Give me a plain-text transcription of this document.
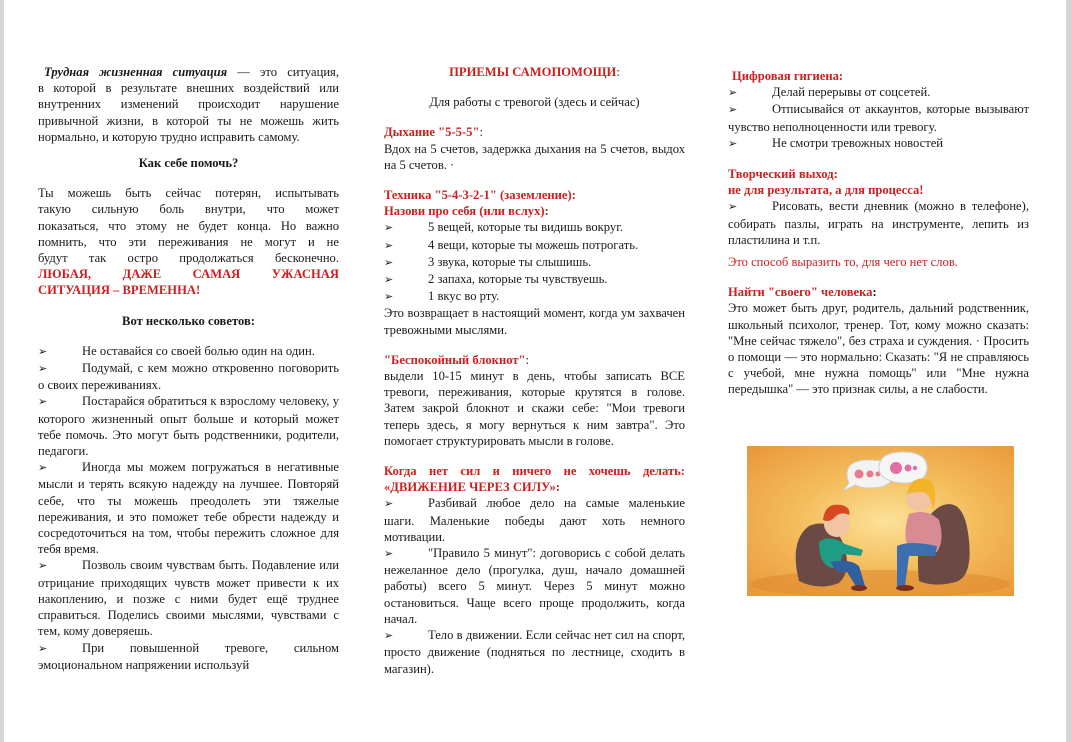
Трудная жизненная ситуация — это ситуация,

в которой в результате внешних воздействий или

внутренних изменений происходит нарушение

привычной жизни, в которой ты не можешь жить

нормально, и которую трудно исправить самому.

Как себе помочь?

Ты можешь быть сейчас потерян, испытывать

такую сильную боль внутри, что может

показаться, что этому не будет конца. Но важно

помнить, что эти переживания не могут и не

будут так остро продолжаться бесконечно.

ЛЮБАЯ, ДАЖЕ САМАЯ УЖАСНАЯ

СИТУАЦИЯ – ВРЕМЕННА!

Вот несколько советов:

➢	Не оставайся со своей болью один на один.

➢	Подумай, с кем можно откровенно поговорить о своих переживаниях.

➢	Постарайся обратиться к взрослому человеку, у которого жизненный опыт больше и который может тебе помочь. Это могут быть родственники, родители, педагоги.

➢	Иногда мы можем погружаться в негативные мысли и терять всякую надежду на лучшее. Повторяй себе, что ты можешь преодолеть эти тяжелые переживания, и это поможет тебе обрести надежду и сосредоточиться на том, чтобы пережить сложное для тебя время.

➢	Позволь своим чувствам быть. Подавление или отрицание приходящих чувств может привести к их накоплению, и позже с ними будет ещё труднее справиться. Поделись своими мыслями, чувствами с тем, кому доверяешь.

➢	При повышенной тревоге, сильном эмоциональном напряжении используй

ПРИЕМЫ САМОПОМОЩИ:

Для работы с тревогой (здесь и сейчас)

Дыхание "5-5-5":

Вдох на 5 счетов, задержка дыхания на 5 счетов, выдох на 5 счетов. ·

Техника "5-4-3-2-1" (заземление):

Назови про себя (или вслух):

➢	5 вещей, которые ты видишь вокруг.

➢	4 вещи, которые ты можешь потрогать.

➢	3 звука, которые ты слышишь.

➢	2 запаха, которые ты чувствуешь.

➢	1 вкус во рту.

Это возвращает в настоящий момент, когда ум захвачен тревожными мыслями.

"Беспокойный блокнот":

выдели 10-15 минут в день, чтобы записать ВСЕ тревоги, переживания, которые крутятся в голове. Затем закрой блокнот и скажи себе: "Мои тревоги теперь здесь, я могу вернуться к ним завтра". Это помогает структурировать мысли в голове.

Когда нет сил и ничего не хочешь делать:

«ДВИЖЕНИЕ ЧЕРЕЗ СИЛУ»:

➢	Разбивай любое дело на самые маленькие шаги. Маленькие победы дают хоть немного мотивации.

➢	"Правило 5 минут": договорись с собой делать нежеланное дело (прогулка, душ, начало домашней работы) всего 5 минут. Через 5 минут можно остановиться. Чаще всего проще продолжить, когда начал.

➢	Тело в движении. Если сейчас нет сил на спорт, просто движение (подняться по лестнице, сходить в магазин).

Цифровая гигиена:

➢	Делай перерывы от соцсетей.

➢	Отписывайся от аккаунтов, которые вызывают чувство неполноценности или тревогу.

➢	Не смотри тревожных новостей

Творческий выход:

не для результата, а для процесса!

➢	Рисовать, вести дневник (можно в телефоне), собирать пазлы, играть на инструменте, лепить из пластилина и т.п.

Это способ выразить то, для чего нет слов.

Найти "своего" человека:

Это может быть друг, родитель, дальний родственник, школьный психолог, тренер. Тот, кому можно сказать: "Мне сейчас тяжело", без страха и суждения. · Просить о помощи — это нормально: Сказать: "Я не справляюсь с учебой, мне нужна помощь" или "Мне нужна передышка" — это признак силы, а не слабости.
